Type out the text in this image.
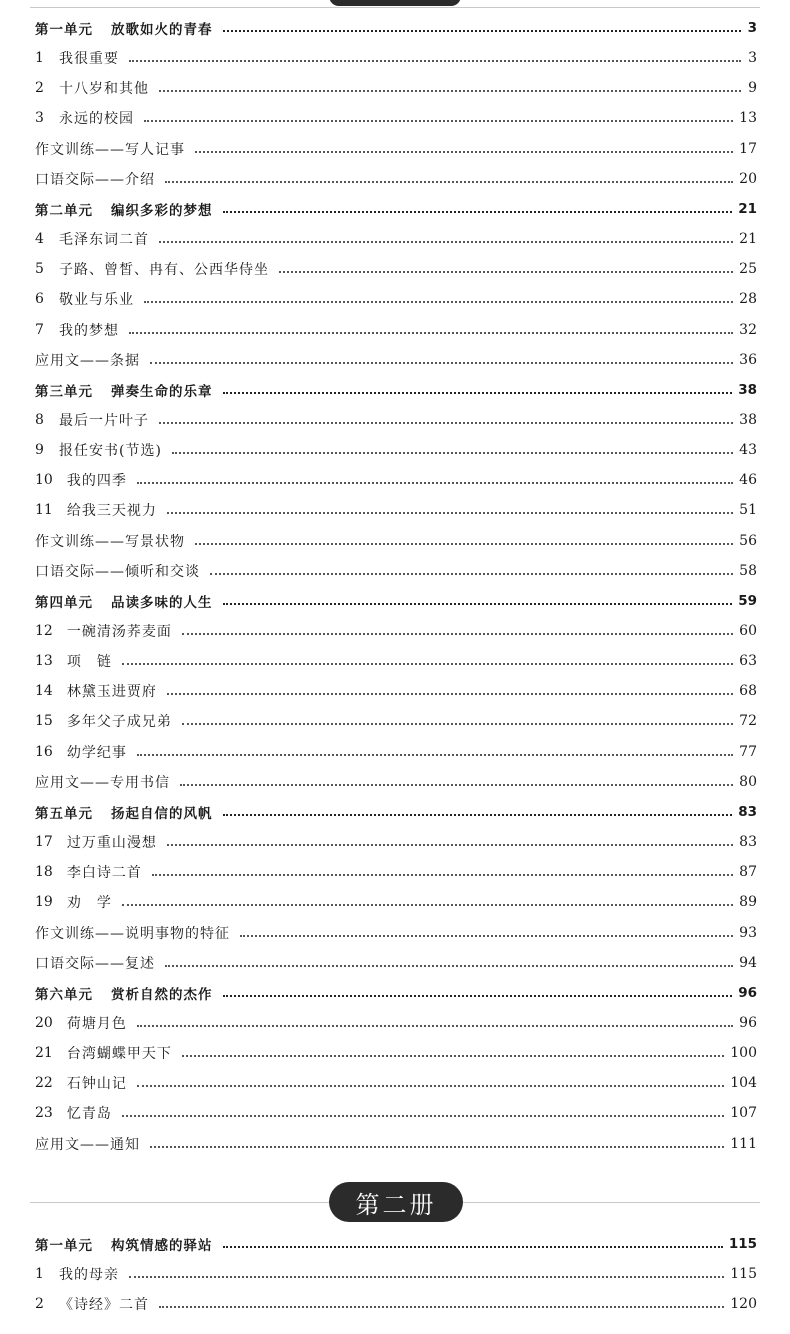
第一单元 放歌如火的青春	3
1 我很重要	3
2 十八岁和其他	9
3 永远的校园	13
作文训练——写人记事	17
口语交际——介绍	20
第二单元 编织多彩的梦想	21
4 毛泽东词二首	21
5 子路、曾皙、冉有、公西华侍坐	25
6 敬业与乐业	28
7 我的梦想	32
应用文——条据	36
第三单元 弹奏生命的乐章	38
8 最后一片叶子	38
9 报任安书(节选)	43
10 我的四季	46
11 给我三天视力	51
作文训练——写景状物	56
口语交际——倾听和交谈	58
第四单元 品读多味的人生	59
12 一碗清汤荞麦面	60
13 项　链	63
14 林黛玉进贾府	68
15 多年父子成兄弟	72
16 幼学纪事	77
应用文——专用书信	80
第五单元 扬起自信的风帆	83
17 过万重山漫想	83
18 李白诗二首	87
19 劝　学	89
作文训练——说明事物的特征	93
口语交际——复述	94
第六单元 赏析自然的杰作	96
20 荷塘月色	96
21 台湾蝴蝶甲天下	100
22 石钟山记	104
23 忆青岛	107
应用文——通知	111
第二册
第一单元 构筑情感的驿站	115
1 我的母亲	115
2 《诗经》二首	120
